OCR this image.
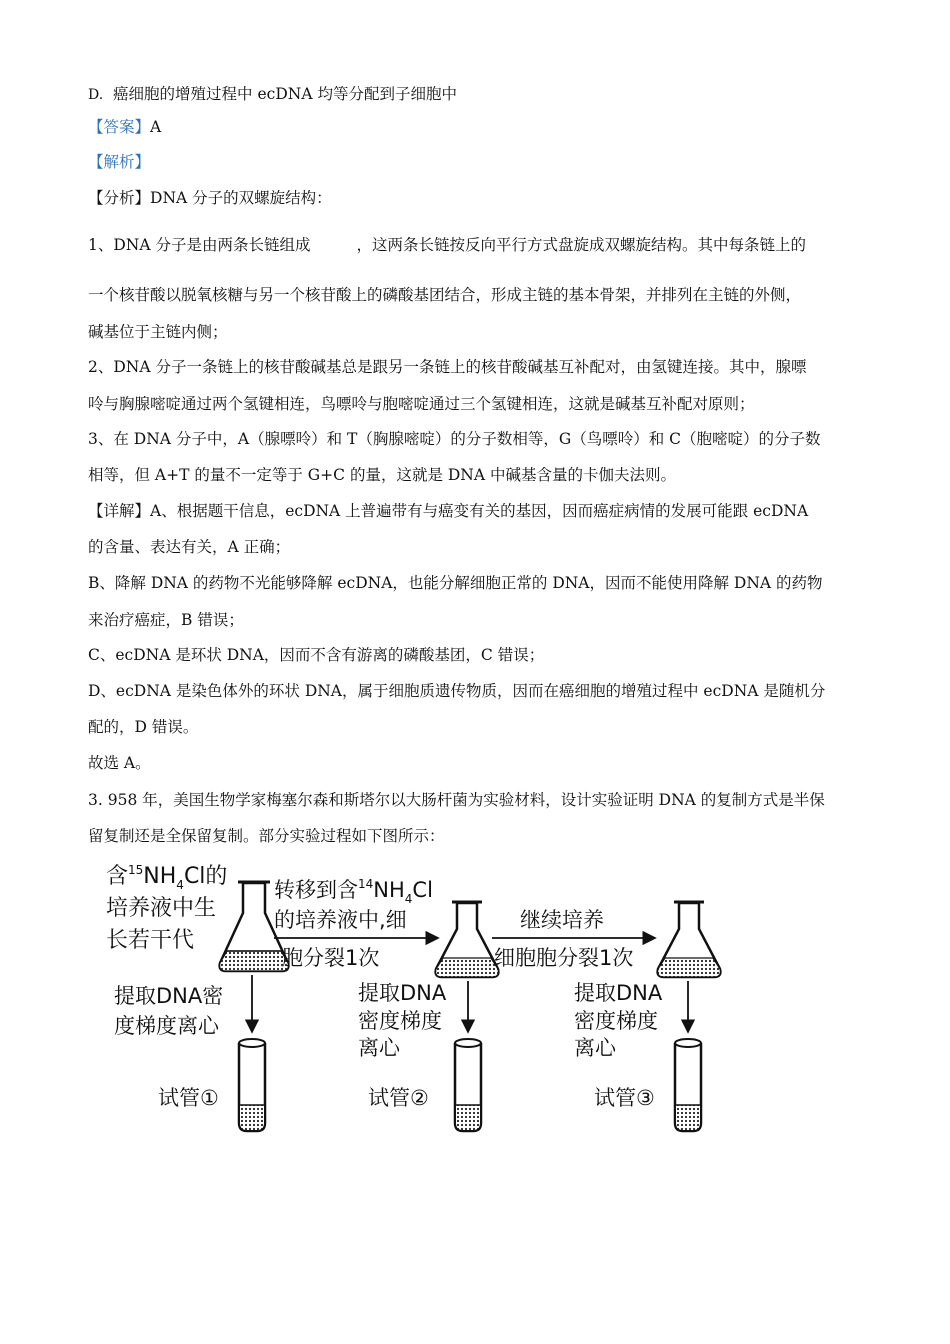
D. 癌细胞的增殖过程中 ecDNA 均等分配到子细胞中
【答案】A
【解析】
【分析】DNA 分子的双螺旋结构：
1、DNA 分子是由两条长链组成	，这两条长链按反向平行方式盘旋成双螺旋结构。其中每条链上的
一个核苷酸以脱氧核糖与另一个核苷酸上的磷酸基团结合，形成主链的基本骨架，并排列在主链的外侧，
碱基位于主链内侧；
2、DNA 分子一条链上的核苷酸碱基总是跟另一条链上的核苷酸碱基互补配对，由氢键连接。其中，腺嘌
呤与胸腺嘧啶通过两个氢键相连，鸟嘌呤与胞嘧啶通过三个氢键相连，这就是碱基互补配对原则；
3、在 DNA 分子中，A（腺嘌呤）和 T（胸腺嘧啶）的分子数相等，G（鸟嘌呤）和 C（胞嘧啶）的分子数
相等，但 A+T 的量不一定等于 G+C 的量，这就是 DNA 中碱基含量的卡伽夫法则。
【详解】A、根据题干信息，ecDNA 上普遍带有与癌变有关的基因，因而癌症病情的发展可能跟 ecDNA
的含量、表达有关，A 正确；
B、降解 DNA 的药物不光能够降解 ecDNA，也能分解细胞正常的 DNA，因而不能使用降解 DNA 的药物
来治疗癌症，B 错误；
C、ecDNA 是环状 DNA，因而不含有游离的磷酸基团，C 错误；
D、ecDNA 是染色体外的环状 DNA，属于细胞质遗传物质，因而在癌细胞的增殖过程中 ecDNA 是随机分
配的，D 错误。
故选 A。
3. 958 年，美国生物学家梅塞尔森和斯塔尔以大肠杆菌为实验材料，设计实验证明 DNA 的复制方式是半保
留复制还是全保留复制。部分实验过程如下图所示：
含$^{15}NH_4Cl$的
培养液中生
长若干代
转移到含$^{14}NH_4Cl$
的培养液中,细
胞分裂1次
继续培养
细胞胞分裂1次
提取DNA密
度梯度离心
提取DNA
密度梯度
离心
提取DNA
密度梯度
离心
试管①	试管②	试管③
